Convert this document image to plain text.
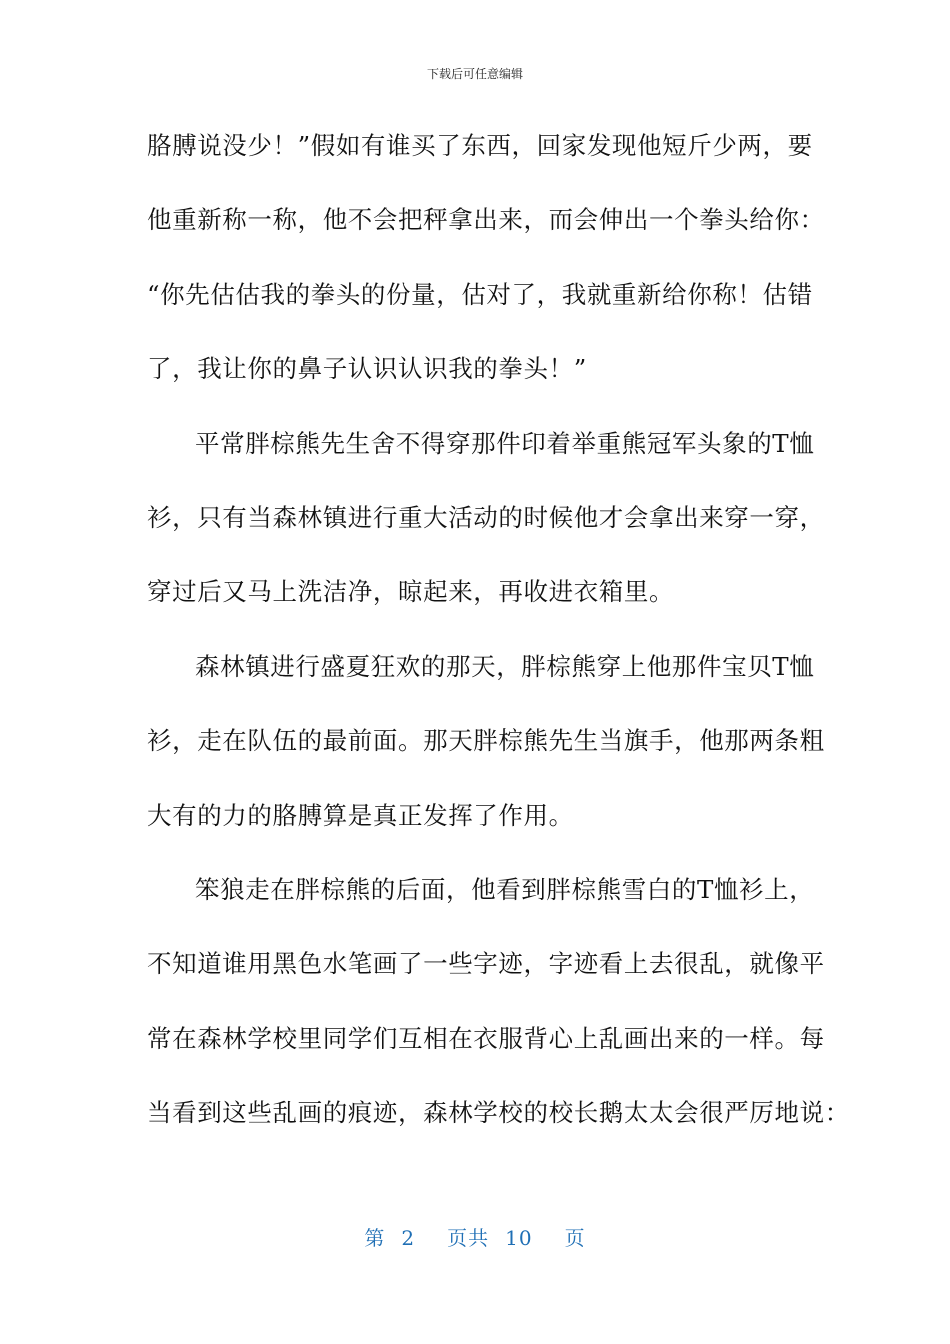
下载后可任意编辑
胳膊说没少！”假如有谁买了东西，回家发现他短斤少两，要
他重新称一称，他不会把秤拿出来，而会伸出一个拳头给你：
“你先估估我的拳头的份量，估对了，我就重新给你称！估错
了，我让你的鼻子认识认识我的拳头！”
平常胖棕熊先生舍不得穿那件印着举重熊冠军头象的T恤
衫，只有当森林镇进行重大活动的时候他才会拿出来穿一穿，
穿过后又马上洗洁净，晾起来，再收进衣箱里。
森林镇进行盛夏狂欢的那天，胖棕熊穿上他那件宝贝T恤
衫，走在队伍的最前面。那天胖棕熊先生当旗手，他那两条粗
大有的力的胳膊算是真正发挥了作用。
笨狼走在胖棕熊的后面，他看到胖棕熊雪白的T恤衫上，
不知道谁用黑色水笔画了一些字迹，字迹看上去很乱，就像平
常在森林学校里同学们互相在衣服背心上乱画出来的一样。每
当看到这些乱画的痕迹，森林学校的校长鹅太太会很严厉地说：
第 2 页共 10 页
